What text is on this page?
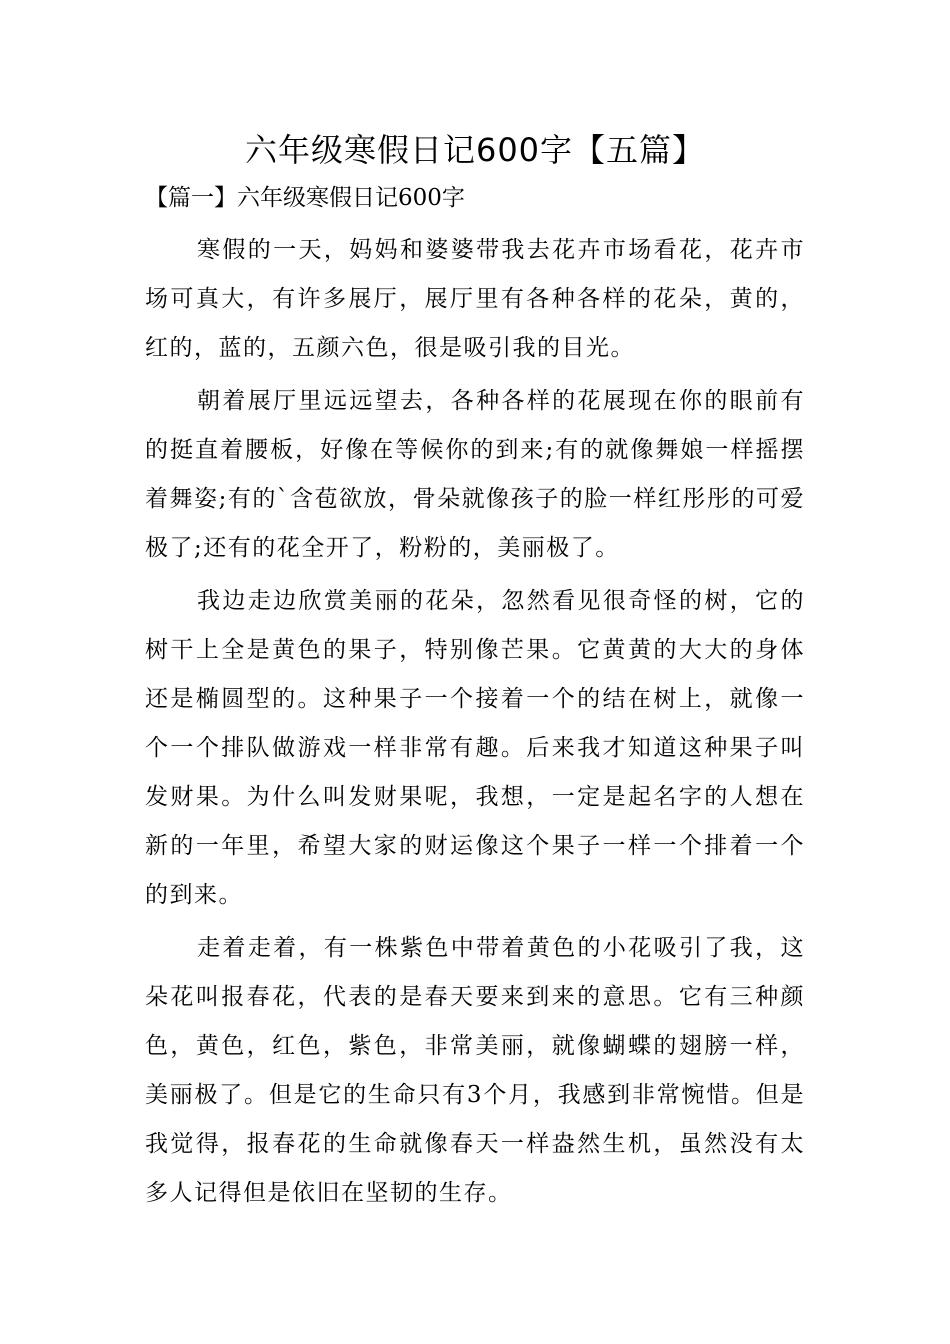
六年级寒假日记600字【五篇】
【篇一】六年级寒假日记600字

寒假的一天，妈妈和婆婆带我去花卉市场看花，花卉市场可真大，有许多展厅，展厅里有各种各样的花朵，黄的，红的，蓝的，五颜六色，很是吸引我的目光。

朝着展厅里远远望去，各种各样的花展现在你的眼前有的挺直着腰板，好像在等候你的到来;有的就像舞娘一样摇摆着舞姿;有的`含苞欲放，骨朵就像孩子的脸一样红彤彤的可爱极了;还有的花全开了，粉粉的，美丽极了。

我边走边欣赏美丽的花朵，忽然看见很奇怪的树，它的树干上全是黄色的果子，特别像芒果。它黄黄的大大的身体还是椭圆型的。这种果子一个接着一个的结在树上，就像一个一个排队做游戏一样非常有趣。后来我才知道这种果子叫发财果。为什么叫发财果呢，我想，一定是起名字的人想在新的一年里，希望大家的财运像这个果子一样一个排着一个的到来。

走着走着，有一株紫色中带着黄色的小花吸引了我，这朵花叫报春花，代表的是春天要来到来的意思。它有三种颜色，黄色，红色，紫色，非常美丽，就像蝴蝶的翅膀一样，美丽极了。但是它的生命只有3个月，我感到非常惋惜。但是我觉得，报春花的生命就像春天一样盎然生机，虽然没有太多人记得但是依旧在坚韧的生存。
